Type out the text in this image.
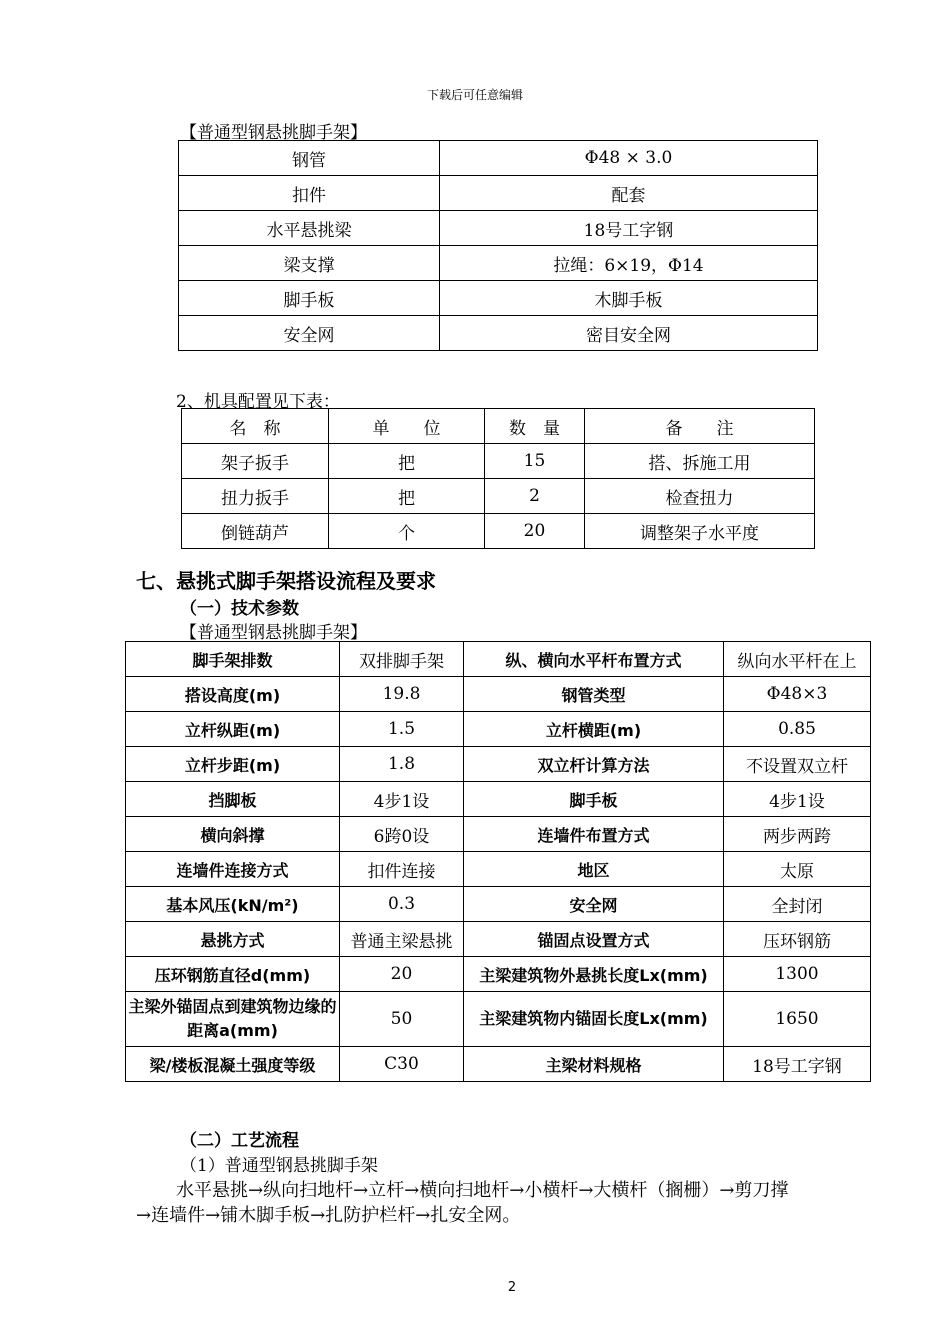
下载后可任意编辑
【普通型钢悬挑脚手架】
钢管	Φ48 × 3.0
扣件	配套
水平悬挑梁	18号工字钢
梁支撑	拉绳：6×19，Φ14
脚手板	木脚手板
安全网	密目安全网
2、机具配置见下表：
名　称	单　　位	数　量	备　　注
架子扳手	把	15	搭、拆施工用
扭力扳手	把	2	检查扭力
倒链葫芦	个	20	调整架子水平度
七、悬挑式脚手架搭设流程及要求
（一）技术参数
【普通型钢悬挑脚手架】
脚手架排数	双排脚手架	纵、横向水平杆布置方式	纵向水平杆在上
搭设高度(m)	19.8	钢管类型	Φ48×3
立杆纵距(m)	1.5	立杆横距(m)	0.85
立杆步距(m)	1.8	双立杆计算方法	不设置双立杆
挡脚板	4步1设	脚手板	4步1设
横向斜撑	6跨0设	连墙件布置方式	两步两跨
连墙件连接方式	扣件连接	地区	太原
基本风压(kN/m²)	0.3	安全网	全封闭
悬挑方式	普通主梁悬挑	锚固点设置方式	压环钢筋
压环钢筋直径d(mm)	20	主梁建筑物外悬挑长度Lx(mm)	1300
主梁外锚固点到建筑物边缘的距离a(mm)	50	主梁建筑物内锚固长度Lx(mm)	1650
梁/楼板混凝土强度等级	C30	主梁材料规格	18号工字钢
（二）工艺流程
（1）普通型钢悬挑脚手架
水平悬挑→纵向扫地杆→立杆→横向扫地杆→小横杆→大横杆（搁栅）→剪刀撑
→连墙件→铺木脚手板→扎防护栏杆→扎安全网。
2
